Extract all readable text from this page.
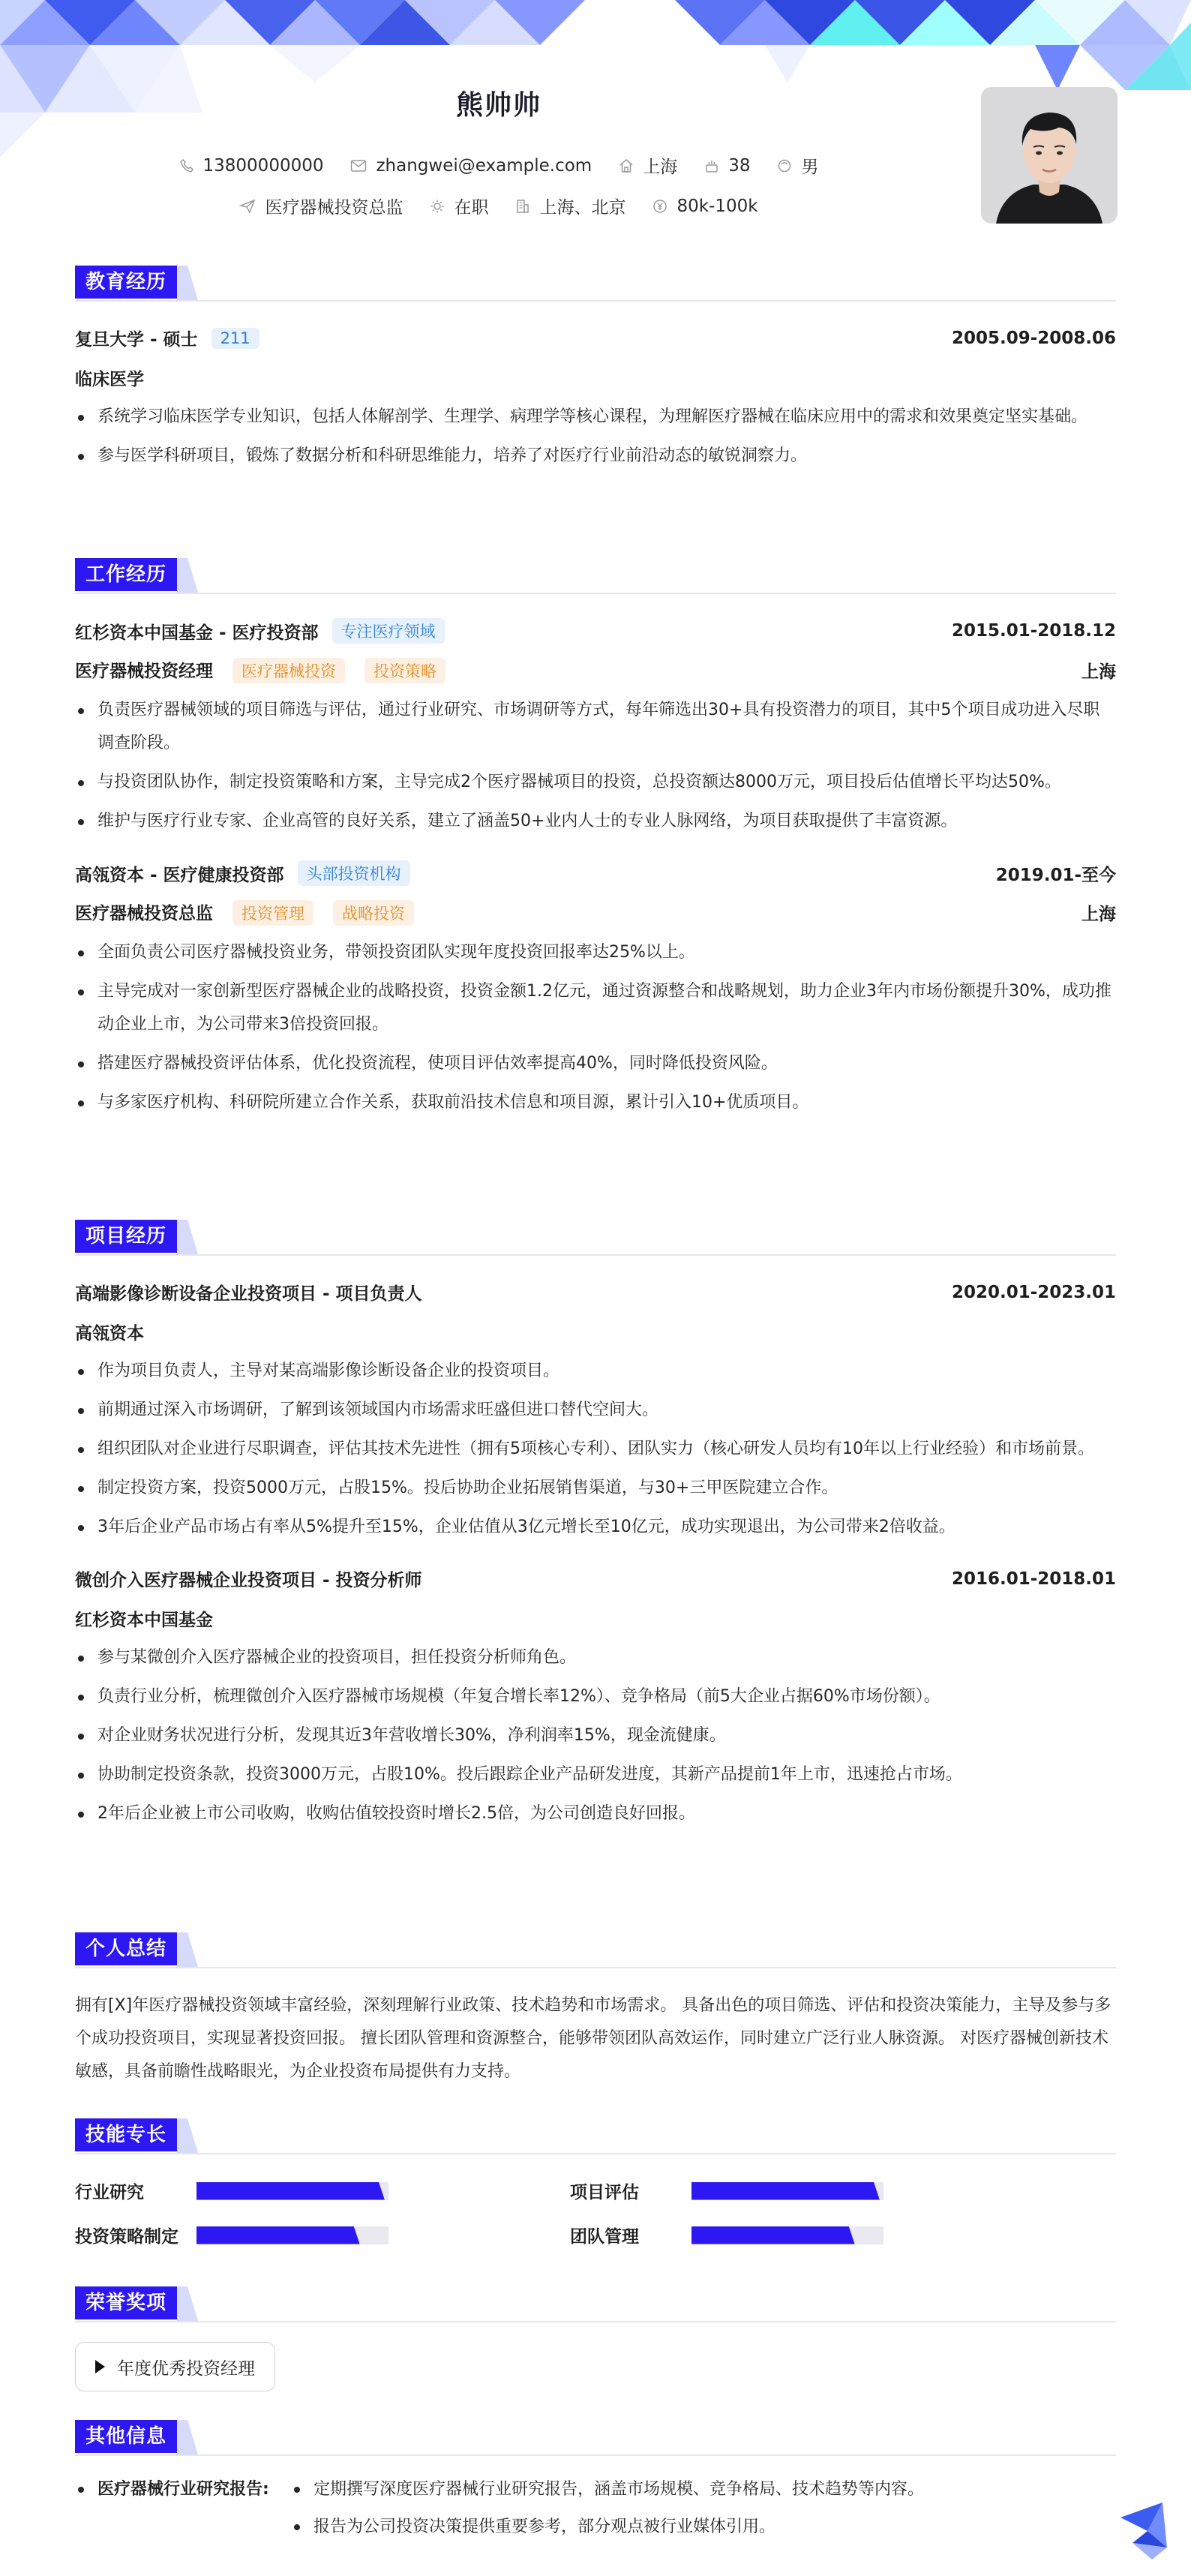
熊帅帅
13800000000	zhangwei@example.com	上海	38	男
医疗器械投资总监	在职	上海、北京	80k-100k
教育经历
复旦大学 - 硕士	211	2005.09-2008.06
临床医学
系统学习临床医学专业知识，包括人体解剖学、生理学、病理学等核心课程，为理解医疗器械在临床应用中的需求和效果奠定坚实基础。
参与医学科研项目，锻炼了数据分析和科研思维能力，培养了对医疗行业前沿动态的敏锐洞察力。
工作经历
红杉资本中国基金 - 医疗投资部	专注医疗领域	2015.01-2018.12
医疗器械投资经理 医疗器械投资 投资策略	上海
负责医疗器械领域的项目筛选与评估，通过行业研究、市场调研等方式，每年筛选出30+具有投资潜力的项目，其中5个项目成功进入尽职调查阶段。
与投资团队协作，制定投资策略和方案，主导完成2个医疗器械项目的投资，总投资额达8000万元，项目投后估值增长平均达50%。
维护与医疗行业专家、企业高管的良好关系，建立了涵盖50+业内人士的专业人脉网络，为项目获取提供了丰富资源。
高瓴资本 - 医疗健康投资部	头部投资机构	2019.01-至今
医疗器械投资总监 投资管理 战略投资	上海
全面负责公司医疗器械投资业务，带领投资团队实现年度投资回报率达25%以上。
主导完成对一家创新型医疗器械企业的战略投资，投资金额1.2亿元，通过资源整合和战略规划，助力企业3年内市场份额提升30%，成功推动企业上市，为公司带来3倍投资回报。
搭建医疗器械投资评估体系，优化投资流程，使项目评估效率提高40%，同时降低投资风险。
与多家医疗机构、科研院所建立合作关系，获取前沿技术信息和项目源，累计引入10+优质项目。
项目经历
高端影像诊断设备企业投资项目 - 项目负责人	2020.01-2023.01
高瓴资本
作为项目负责人，主导对某高端影像诊断设备企业的投资项目。
前期通过深入市场调研，了解到该领域国内市场需求旺盛但进口替代空间大。
组织团队对企业进行尽职调查，评估其技术先进性（拥有5项核心专利）、团队实力（核心研发人员均有10年以上行业经验）和市场前景。
制定投资方案，投资5000万元，占股15%。投后协助企业拓展销售渠道，与30+三甲医院建立合作。
3年后企业产品市场占有率从5%提升至15%，企业估值从3亿元增长至10亿元，成功实现退出，为公司带来2倍收益。
微创介入医疗器械企业投资项目 - 投资分析师	2016.01-2018.01
红杉资本中国基金
参与某微创介入医疗器械企业的投资项目，担任投资分析师角色。
负责行业分析，梳理微创介入医疗器械市场规模（年复合增长率12%）、竞争格局（前5大企业占据60%市场份额）。
对企业财务状况进行分析，发现其近3年营收增长30%，净利润率15%，现金流健康。
协助制定投资条款，投资3000万元，占股10%。投后跟踪企业产品研发进度，其新产品提前1年上市，迅速抢占市场。
2年后企业被上市公司收购，收购估值较投资时增长2.5倍，为公司创造良好回报。
个人总结
拥有[X]年医疗器械投资领域丰富经验，深刻理解行业政策、技术趋势和市场需求。 具备出色的项目筛选、评估和投资决策能力，主导及参与多个成功投资项目，实现显著投资回报。 擅长团队管理和资源整合，能够带领团队高效运作，同时建立广泛行业人脉资源。 对医疗器械创新技术敏感，具备前瞻性战略眼光，为企业投资布局提供有力支持。
技能专长
行业研究	项目评估
投资策略制定	团队管理
荣誉奖项
年度优秀投资经理
其他信息
医疗器械行业研究报告:	定期撰写深度医疗器械行业研究报告，涵盖市场规模、竞争格局、技术趋势等内容。
报告为公司投资决策提供重要参考，部分观点被行业媒体引用。
